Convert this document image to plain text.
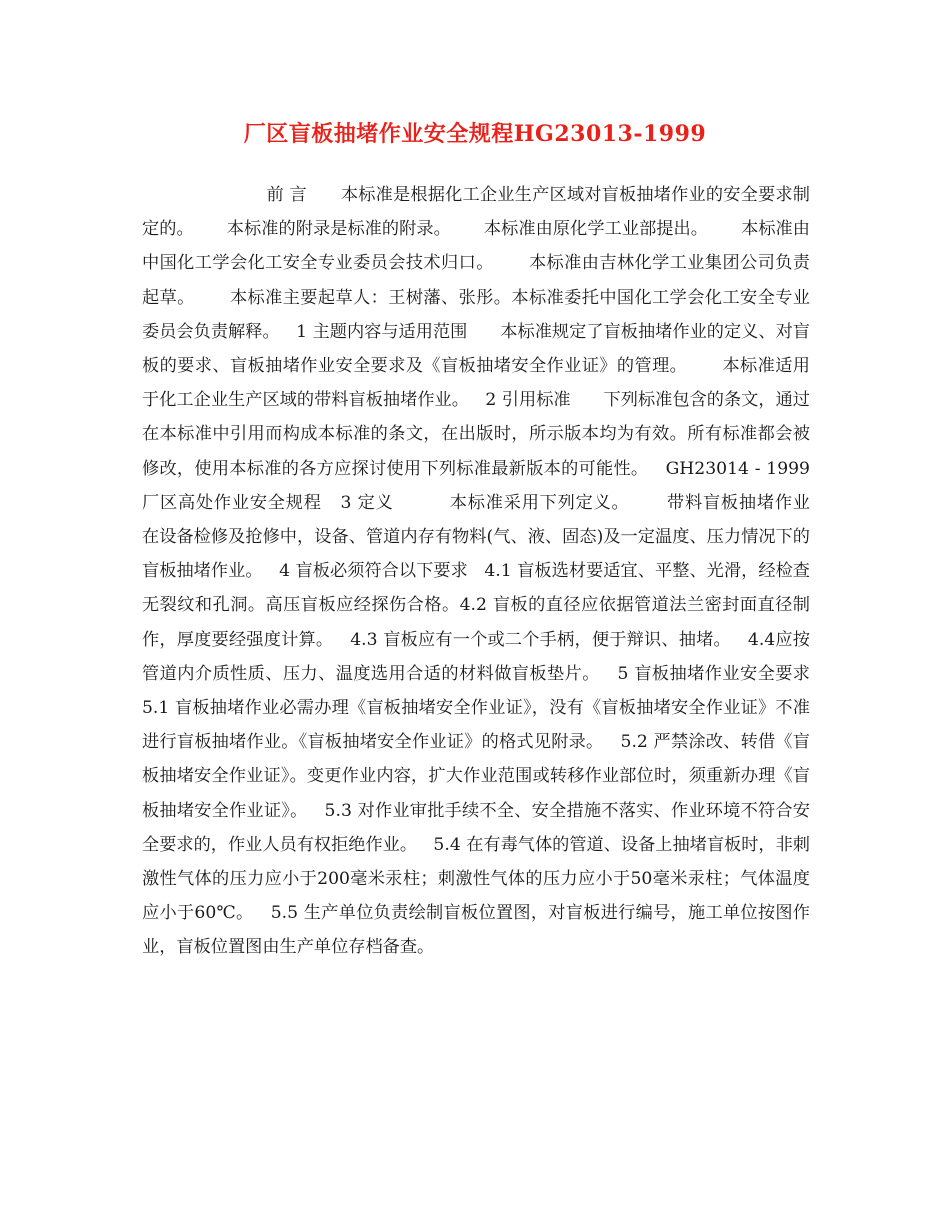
厂区盲板抽堵作业安全规程HG23013-1999
前 言      本标准是根据化工企业生产区域对盲板抽堵作业的安全要求制定的。      本标准的附录是标准的附录。      本标准由原化学工业部提出。      本标准由中国化工学会化工安全专业委员会技术归口。      本标准由吉林化学工业集团公司负责起草。      本标准主要起草人：王树藩、张彤。本标准委托中国化工学会化工安全专业委员会负责解释。   1 主题内容与适用范围      本标准规定了盲板抽堵作业的定义、对盲板的要求、盲板抽堵作业安全要求及《盲板抽堵安全作业证》的管理。      本标准适用于化工企业生产区域的带料盲板抽堵作业。   2 引用标准      下列标准包含的条文，通过在本标准中引用而构成本标准的条文，在出版时，所示版本均为有效。所有标准都会被修改，使用本标准的各方应探讨使用下列标准最新版本的可能性。   GH23014 - 1999 厂区高处作业安全规程   3 定义         本标准采用下列定义。      带料盲板抽堵作业      在设备检修及抢修中，设备、管道内存有物料(气、液、固态)及一定温度、压力情况下的盲板抽堵作业。   4 盲板必须符合以下要求   4.1 盲板选材要适宜、平整、光滑，经检查无裂纹和孔洞。高压盲板应经探伤合格。4.2 盲板的直径应依据管道法兰密封面直径制作，厚度要经强度计算。   4.3 盲板应有一个或二个手柄，便于辩识、抽堵。   4.4应按管道内介质性质、压力、温度选用合适的材料做盲板垫片。   5 盲板抽堵作业安全要求   5.1 盲板抽堵作业必需办理《盲板抽堵安全作业证》，没有《盲板抽堵安全作业证》不准进行盲板抽堵作业。《盲板抽堵安全作业证》的格式见附录。   5.2 严禁涂改、转借《盲板抽堵安全作业证》。变更作业内容，扩大作业范围或转移作业部位时，须重新办理《盲板抽堵安全作业证》。   5.3 对作业审批手续不全、安全措施不落实、作业环境不符合安全要求的，作业人员有权拒绝作业。   5.4 在有毒气体的管道、设备上抽堵盲板时，非刺激性气体的压力应小于200毫米汞柱；刺激性气体的压力应小于50毫米汞柱；气体温度应小于60℃。   5.5 生产单位负责绘制盲板位置图，对盲板进行编号，施工单位按图作业，盲板位置图由生产单位存档备查。
